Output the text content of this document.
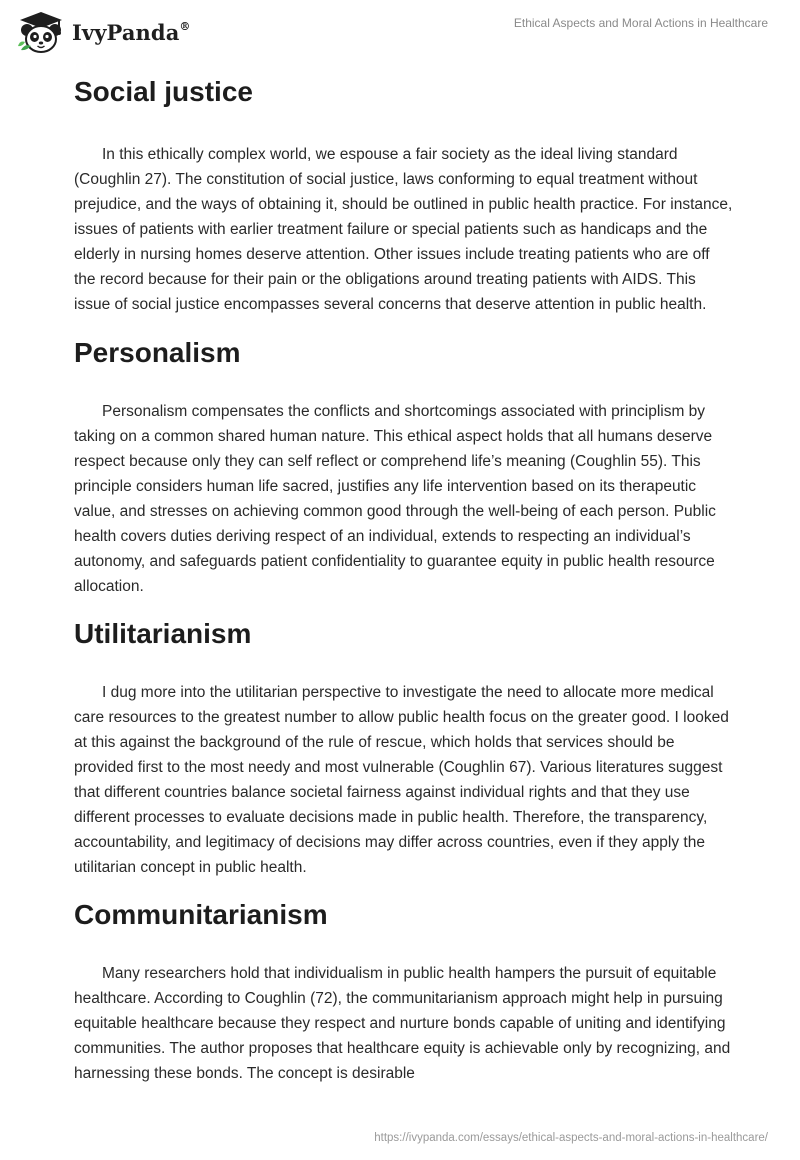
IvyPanda®	Ethical Aspects and Moral Actions in Healthcare
Social justice

In this ethically complex world, we espouse a fair society as the ideal living standard (Coughlin 27). The constitution of social justice, laws conforming to equal treatment without prejudice, and the ways of obtaining it, should be outlined in public health practice. For instance, issues of patients with earlier treatment failure or special patients such as handicaps and the elderly in nursing homes deserve attention. Other issues include treating patients who are off the record because for their pain or the obligations around treating patients with AIDS. This issue of social justice encompasses several concerns that deserve attention in public health.

Personalism

Personalism compensates the conflicts and shortcomings associated with principlism by taking on a common shared human nature. This ethical aspect holds that all humans deserve respect because only they can self reflect or comprehend life’s meaning (Coughlin 55). This principle considers human life sacred, justifies any life intervention based on its therapeutic value, and stresses on achieving common good through the well-being of each person. Public health covers duties deriving respect of an individual, extends to respecting an individual’s autonomy, and safeguards patient confidentiality to guarantee equity in public health resource allocation.

Utilitarianism

I dug more into the utilitarian perspective to investigate the need to allocate more medical care resources to the greatest number to allow public health focus on the greater good. I looked at this against the background of the rule of rescue, which holds that services should be provided first to the most needy and most vulnerable (Coughlin 67). Various literatures suggest that different countries balance societal fairness against individual rights and that they use different processes to evaluate decisions made in public health. Therefore, the transparency, accountability, and legitimacy of decisions may differ across countries, even if they apply the utilitarian concept in public health.

Communitarianism

Many researchers hold that individualism in public health hampers the pursuit of equitable healthcare. According to Coughlin (72), the communitarianism approach might help in pursuing equitable healthcare because they respect and nurture bonds capable of uniting and identifying communities. The author proposes that healthcare equity is achievable only by recognizing, and harnessing these bonds. The concept is desirable

https://ivypanda.com/essays/ethical-aspects-and-moral-actions-in-healthcare/
